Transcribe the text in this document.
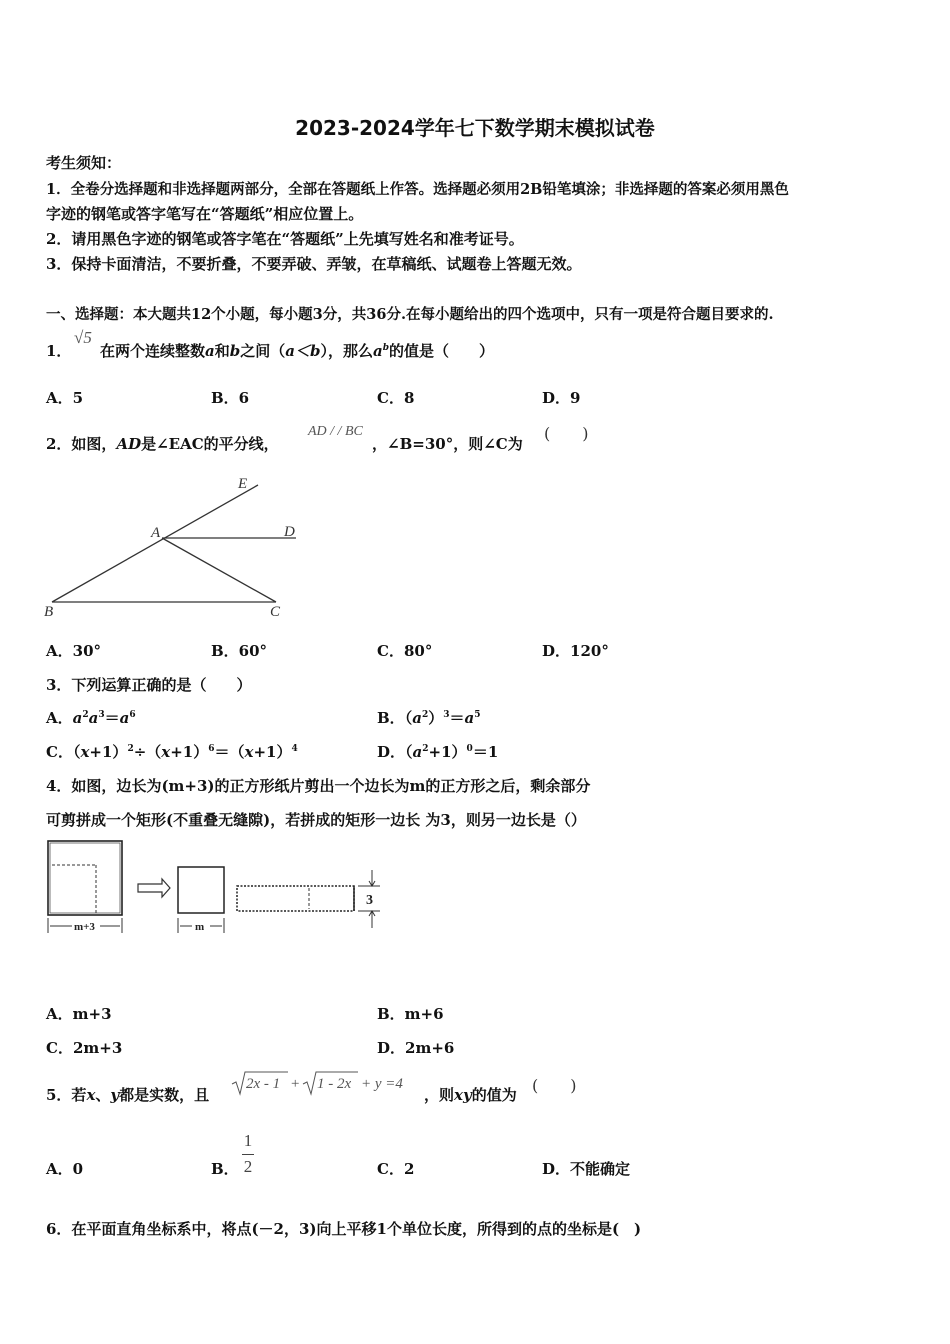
2023-2024学年七下数学期末模拟试卷
考生须知：
1．全卷分选择题和非选择题两部分，全部在答题纸上作答。选择题必须用2B铅笔填涂；非选择题的答案必须用黑色
字迹的钢笔或答字笔写在“答题纸”相应位置上。
2．请用黑色字迹的钢笔或答字笔在“答题纸”上先填写姓名和准考证号。
3．保持卡面清洁，不要折叠，不要弄破、弄皱，在草稿纸、试题卷上答题无效。
一、选择题：本大题共12个小题，每小题3分，共36分.在每小题给出的四个选项中，只有一项是符合题目要求的.
1．
√5
在两个连续整数a和b之间（a＜b），那么$a^b$的值是（　　）
A．5	B．6	C．8	D．9
2．如图，AD是∠EAC的平分线，
AD / / BC
，∠B=30°，则∠C为
(　　)
E
A	D
B	C
A．30°	B．60°	C．80°	D．120°
3．下列运算正确的是（　　）
A．$a^2a^3=a^6$	B．$(a^2)^3=a^5$
C．$(x+1)^2\div(x+1)^6=(x+1)^4$	D．$(a^2+1)^0=1$
4．如图，边长为(m+3)的正方形纸片剪出一个边长为m的正方形之后，剩余部分
可剪拼成一个矩形(不重叠无缝隙)，若拼成的矩形一边长 为3，则另一边长是（）
m+3	m
3
A．m+3	B．m+6
C．2m+3	D．2m+6
5．若x、y都是实数，且
2x - 1 + 1 - 2x + y =4
，则xy的值为 (　　)
A．0	B．
1
2	C．2	D．不能确定
6．在平面直角坐标系中，将点(－2，3)向上平移1个单位长度，所得到的点的坐标是(　)
